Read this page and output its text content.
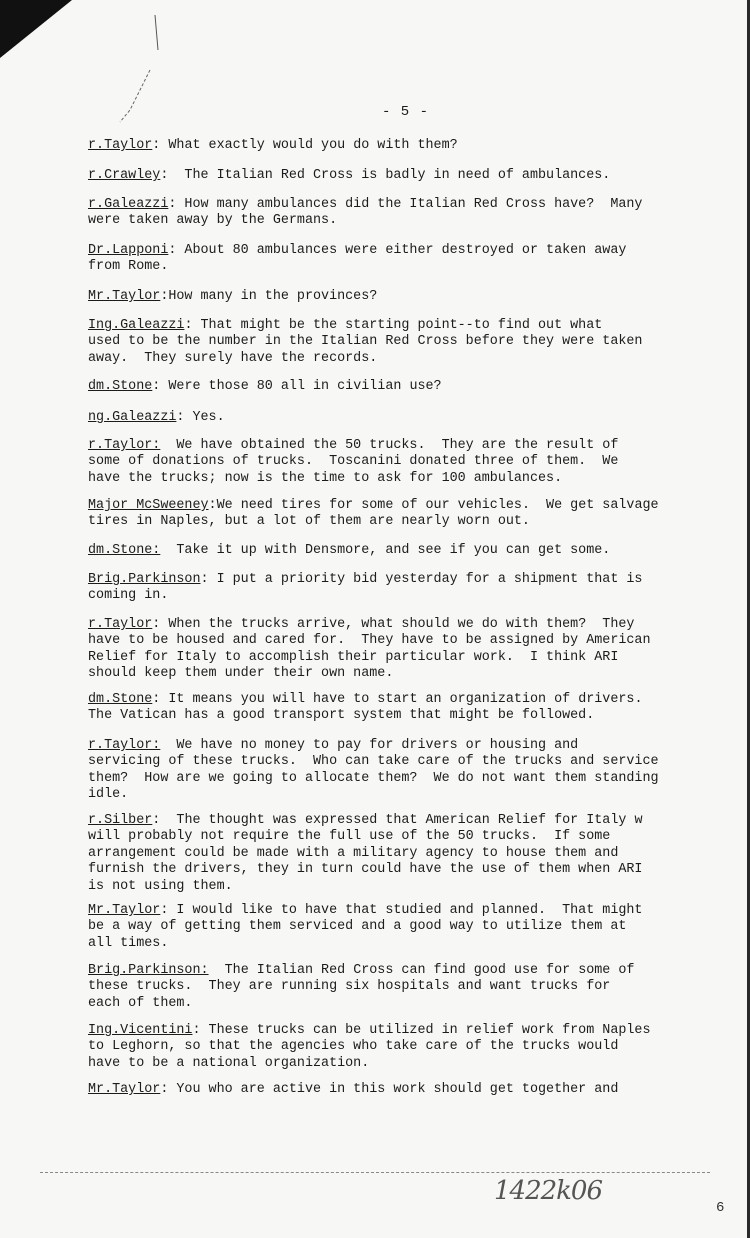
- 5 -

r.Taylor: What exactly would you do with them?

r.Crawley:  The Italian Red Cross is badly in need of ambulances.

r.Galeazzi: How many ambulances did the Italian Red Cross have?  Many
were taken away by the Germans.

Dr.Lapponi: About 80 ambulances were either destroyed or taken away
from Rome.

Mr.Taylor:How many in the provinces?

Ing.Galeazzi: That might be the starting point--to find out what
used to be the number in the Italian Red Cross before they were taken
away.  They surely have the records.

dm.Stone: Were those 80 all in civilian use?

ng.Galeazzi: Yes.

r.Taylor:  We have obtained the 50 trucks.  They are the result of
some of donations of trucks.  Toscanini donated three of them.  We
have the trucks; now is the time to ask for 100 ambulances.

Major McSweeney:We need tires for some of our vehicles.  We get salvage
tires in Naples, but a lot of them are nearly worn out.

dm.Stone:  Take it up with Densmore, and see if you can get some.

Brig.Parkinson: I put a priority bid yesterday for a shipment that is
coming in.

r.Taylor: When the trucks arrive, what should we do with them?  They
have to be housed and cared for.  They have to be assigned by American
Relief for Italy to accomplish their particular work.  I think ARI
should keep them under their own name.

dm.Stone: It means you will have to start an organization of drivers.
The Vatican has a good transport system that might be followed.

r.Taylor:  We have no money to pay for drivers or housing and
servicing of these trucks.  Who can take care of the trucks and service
them?  How are we going to allocate them?  We do not want them standing
idle.

r.Silber:  The thought was expressed that American Relief for Italy w
will probably not require the full use of the 50 trucks.  If some
arrangement could be made with a military agency to house them and
furnish the drivers, they in turn could have the use of them when ARI
is not using them.

Mr.Taylor: I would like to have that studied and planned.  That might
be a way of getting them serviced and a good way to utilize them at
all times.

Brig.Parkinson:  The Italian Red Cross can find good use for some of
these trucks.  They are running six hospitals and want trucks for
each of them.

Ing.Vicentini: These trucks can be utilized in relief work from Naples
to Leghorn, so that the agencies who take care of the trucks would
have to be a national organization.

Mr.Taylor: You who are active in this work should get together and

1422k06
6
